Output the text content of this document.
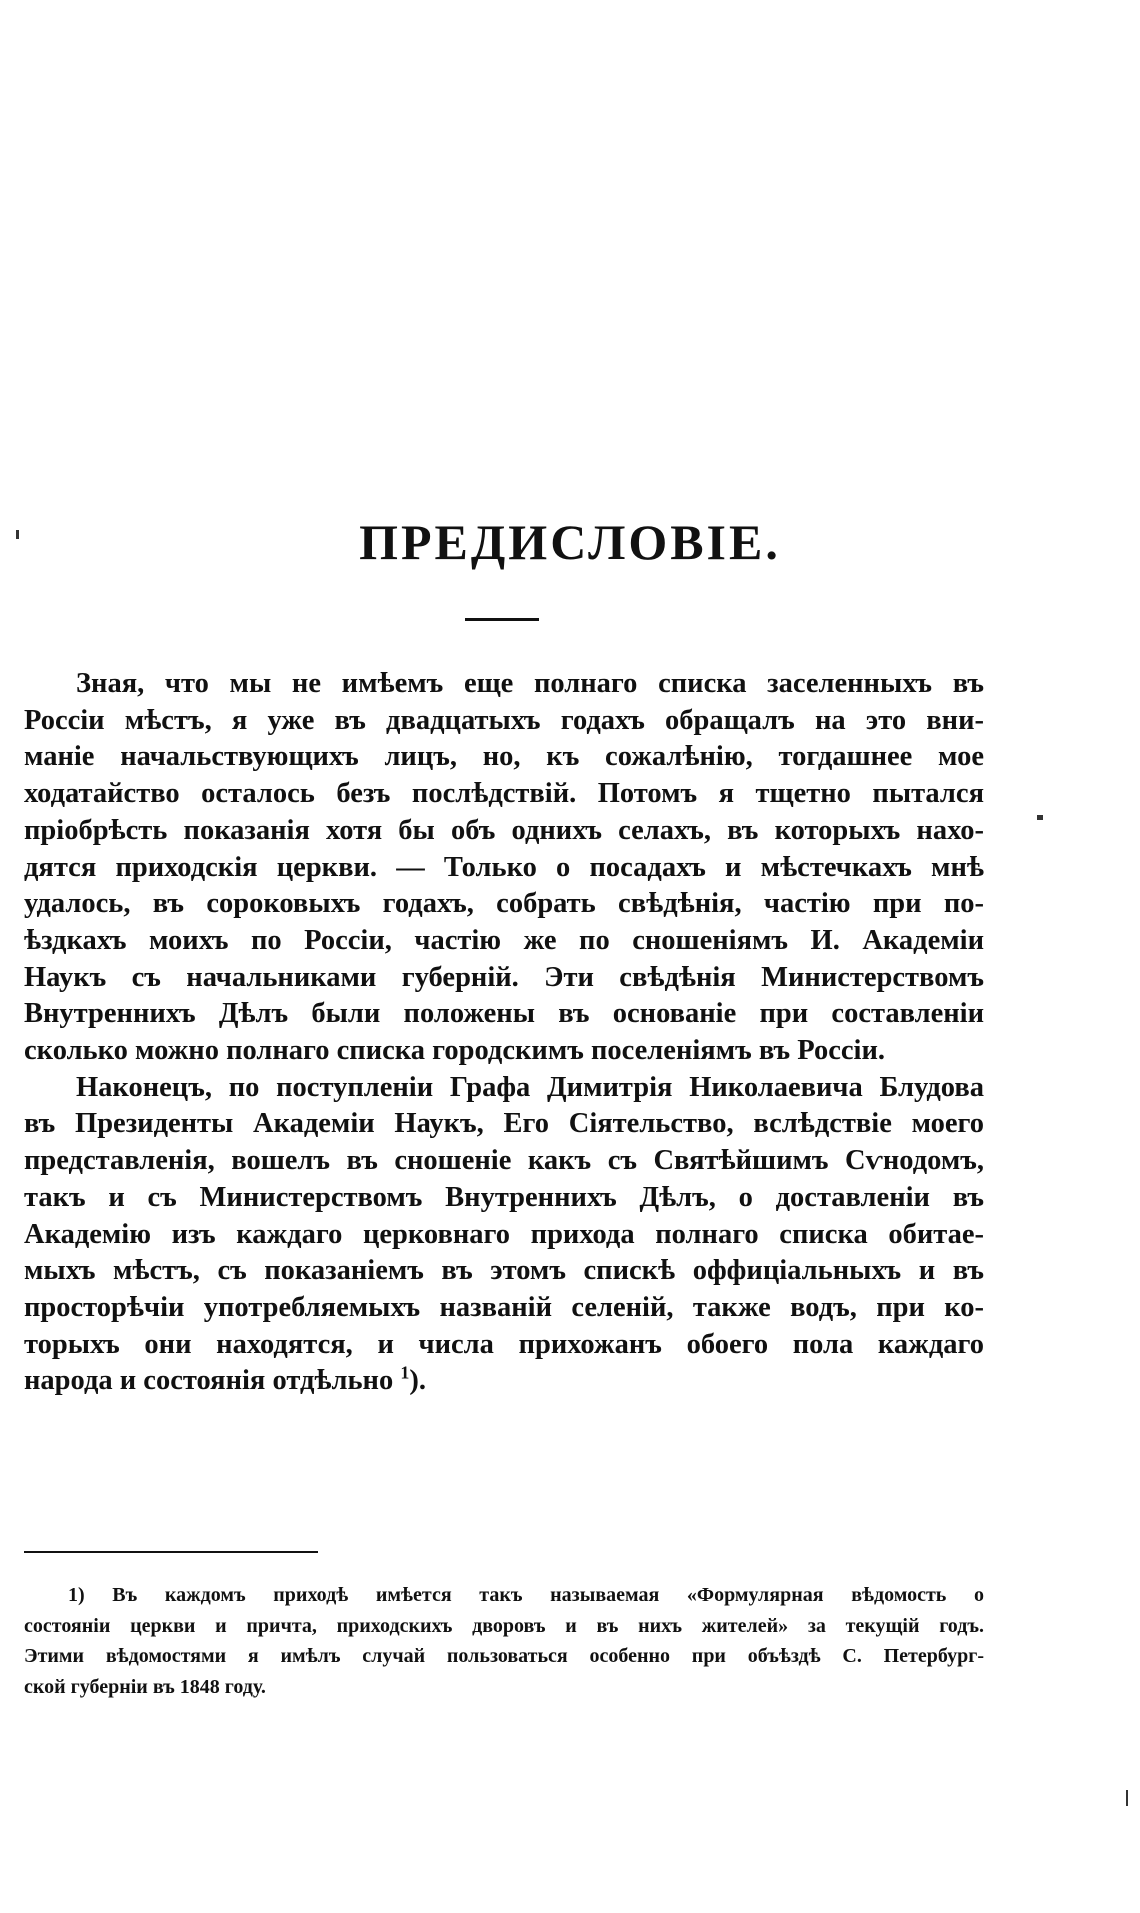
ПРЕДИСЛОВІЕ.

Зная, что мы не имѣемъ еще полнаго списка заселенныхъ въ
Россіи мѣстъ, я уже въ двадцатыхъ годахъ обращалъ на это вни-
маніе начальствующихъ лицъ, но, къ сожалѣнію, тогдашнее мое
ходатайство осталось безъ послѣдствій. Потомъ я тщетно пытался
пріобрѣсть показанія хотя бы объ однихъ селахъ, въ которыхъ нахо-
дятся приходскія церкви. — Только о посадахъ и мѣстечкахъ мнѣ
удалось, въ сороковыхъ годахъ, собрать свѣдѣнія, частію при по-
ѣздкахъ моихъ по Россіи, частію же по сношеніямъ И. Академіи
Наукъ съ начальниками губерній. Эти свѣдѣнія Министерствомъ
Внутреннихъ Дѣлъ были положены въ основаніе при составленіи
сколько можно полнаго списка городскимъ поселеніямъ въ Россіи.

Наконецъ, по поступленіи Графа Димитрія Николаевича Блудова
въ Президенты Академіи Наукъ, Его Сіятельство, вслѣдствіе моего
представленія, вошелъ въ сношеніе какъ съ Святѣйшимъ Сѵнодомъ,
такъ и съ Министерствомъ Внутреннихъ Дѣлъ, о доставленіи въ
Академію изъ каждаго церковнаго прихода полнаго списка обитае-
мыхъ мѣстъ, съ показаніемъ въ этомъ спискѣ оффиціальныхъ и въ
просторѣчіи употребляемыхъ названій селеній, также водъ, при ко-
торыхъ они находятся, и числа прихожанъ обоего пола каждаго
народа и состоянія отдѣльно $^1$).

1) Въ каждомъ приходѣ имѣется такъ называемая «Формулярная вѣдомость о
состояніи церкви и причта, приходскихъ дворовъ и въ нихъ жителей» за текущій годъ.
Этими вѣдомостями я имѣлъ случай пользоваться особенно при объѣздѣ С. Петербург-
ской губерніи въ 1848 году.
